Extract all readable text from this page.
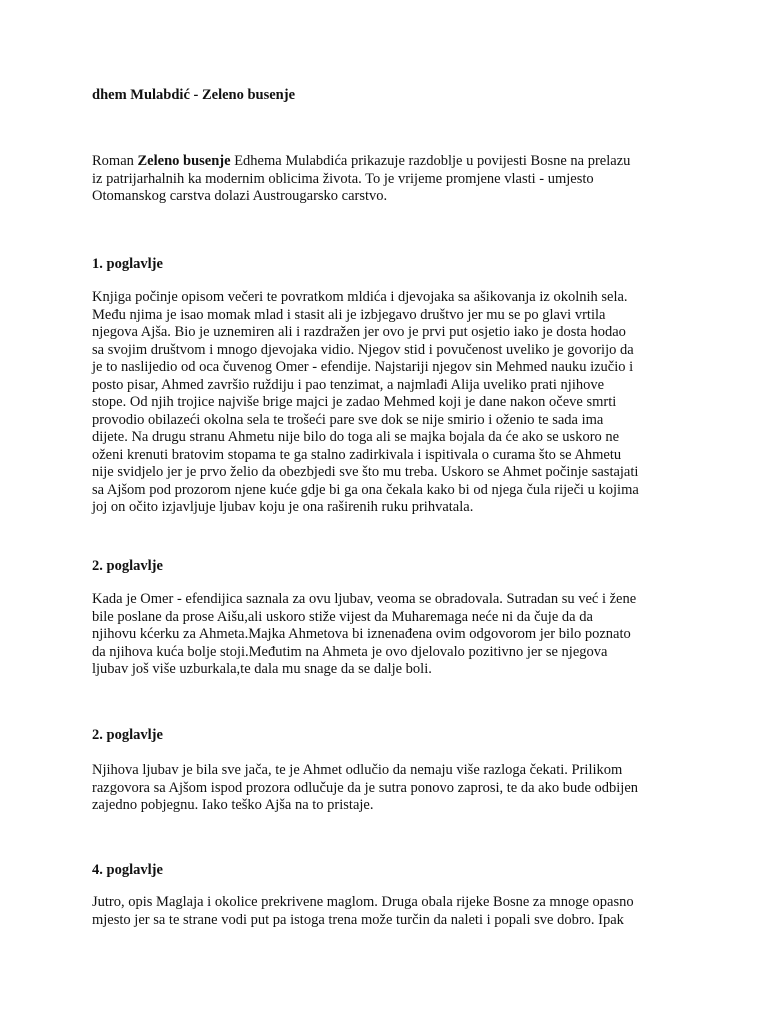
dhem Mulabdić - Zeleno busenje
Roman Zeleno busenje Edhema Mulabdića prikazuje razdoblje u povijesti Bosne na prelazu
iz patrijarhalnih ka modernim oblicima života. To je vrijeme promjene vlasti - umjesto
Otomanskog carstva dolazi Austrougarsko carstvo.
1. poglavlje
Knjiga počinje opisom večeri te povratkom mldića i djevojaka sa ašikovanja iz okolnih sela.
Među njima je isao momak mlad i stasit ali je izbjegavo društvo jer mu se po glavi vrtila
njegova Ajša. Bio je uznemiren ali i razdražen jer ovo je prvi put osjetio iako je dosta hodao
sa svojim društvom i mnogo djevojaka vidio. Njegov stid i povučenost uveliko je govorijo da
je to naslijedio od oca čuvenog Omer - efendije. Najstariji njegov sin Mehmed nauku izučio i
posto pisar, Ahmed završio ruždiju i pao tenzimat, a najmlađi Alija uveliko prati njihove
stope. Od njih trojice najviše brige majci je zadao Mehmed koji je dane nakon očeve smrti
provodio obilazeći okolna sela te trošeći pare sve dok se nije smirio i oženio te sada ima
dijete. Na drugu stranu Ahmetu nije bilo do toga ali se majka bojala da će ako se uskoro ne
oženi krenuti bratovim stopama te ga stalno zadirkivala i ispitivala o curama što se Ahmetu
nije svidjelo jer je prvo želio da obezbjedi sve što mu treba. Uskoro se Ahmet počinje sastajati
sa Ajšom pod prozorom njene kuće gdje bi ga ona čekala kako bi od njega čula riječi u kojima
joj on očito izjavljuje ljubav koju je ona raširenih ruku prihvatala.
2. poglavlje
Kada je Omer - efendijica saznala za ovu ljubav, veoma se obradovala. Sutradan su već i žene
bile poslane da prose Aišu,ali uskoro stiže vijest da Muharemaga neće ni da čuje da da
njihovu kćerku za Ahmeta.Majka Ahmetova bi iznenađena ovim odgovorom jer bilo poznato
da njihova kuća bolje stoji.Međutim na Ahmeta je ovo djelovalo pozitivno jer se njegova
ljubav još više uzburkala,te dala mu snage da se dalje boli.
2. poglavlje
Njihova ljubav je bila sve jača, te je Ahmet odlučio da nemaju više razloga čekati. Prilikom
razgovora sa Ajšom ispod prozora odlučuje da je sutra ponovo zaprosi, te da ako bude odbijen
zajedno pobjegnu. Iako teško Ajša na to pristaje.
4. poglavlje
Jutro, opis Maglaja i okolice prekrivene maglom. Druga obala rijeke Bosne za mnoge opasno
mjesto jer sa te strane vodi put pa istoga trena može turčin da naleti i popali sve dobro. Ipak
